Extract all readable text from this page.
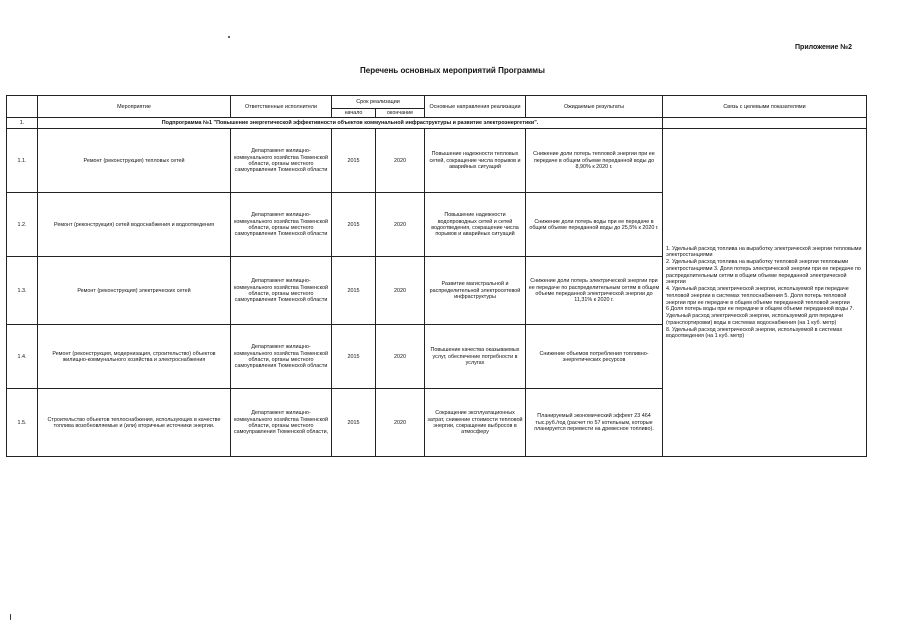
Приложение №2
Перечень основных мероприятий Программы
	Мероприятие	Ответственные исполнители	Срок реализации		Основные направления реализации	Ожидаемые результаты	Связь с целевыми показателями
			начало	окончание			
1.	Подпрограмма №1 "Повышение энергетической эффективности объектов коммунальной инфраструктуры и развитие электроэнергетики".						
1.1.	Ремонт (реконструкция) тепловых сетей	Департамент жилищно-коммунального хозяйства Тюменской области, органы местного самоуправления Тюменской области	2015	2020	Повышение надежности тепловых сетей, сокращение числа порывов и аварийных ситуаций	Снижение доли потерь тепловой энергии при ее передаче в общем объеме переданной воды до 8,90% к 2020 г.	1. Удельный расход топлива на выработку электрической энергии тепловыми электростанциями
2. Удельный расход топлива на выработку тепловой энергии тепловыми электростанциями 3. Доля потерь электрической энергии при ее передаче по распределительным сетям в общем объеме переданной электрической энергии
4. Удельный расход электрической энергии, используемой при передаче тепловой энергии в системах теплоснабжения 5. Доля потерь тепловой энергии при ее передаче в общем объеме переданной тепловой энергии
6 Доля потерь воды при ее передаче в общем объеме переданной воды 7. Удельный расход электрической энергии, используемой для передачи (транспортировки) воды в системах водоснабжения (на 1 куб. метр)
8. Удельный расход электрической энергии, используемой в системах водоотведения (на 1 куб. метр)

1.2.	Ремонт (реконструкция) сетей водоснабжения и водоотведения	Департамент жилищно-коммунального хозяйства Тюменской области, органы местного самоуправления Тюменской области	2015	2020	Повышение надежности водопроводных сетей и сетей водоотведения, сокращение числа порывов и аварийных ситуаций	Снижение доли потерь воды при ее передаче в общем объеме переданной воды до 25,5% к 2020 г.	
1.3.	Ремонт (реконструкция) электрических сетей	Департамент жилищно-коммунального хозяйства Тюменской области, органы местного самоуправления Тюменской области	2015	2020	Развитие магистральной и распределительной электросетевой инфраструктуры	Снижение доли потерь электрической энергии при ее передаче по распределительным сетям в общем объеме переданной электрической энергии до 11,31% к 2020 г.	
1.4.	Ремонт (реконструкция, модернизация, строительство) объектов жилищно-коммунального хозяйства и электроснабжения	Департамент жилищно-коммунального хозяйства Тюменской области, органы местного самоуправления Тюменской области	2015	2020	Повышение качества оказываемых услуг, обеспечение потребности в услугах	Снижение объемов потребления топливно-энергетических ресурсов	
1.5.	Строительство объектов теплоснабжения, использующих в качестве топлива возобновляемые и (или) вторичные источники энергии.	Департамент жилищно-коммунального хозяйства Тюменской области, органы местного самоуправления Тюменской области,	2015	2020	Сокращение эксплуатационных затрат, снижение стоимости тепловой энергии, сокращение выбросов в атмосферу	Планируемый экономический эффект 23 464 тыс.руб./год (расчет по 57 котельным, которые планируется перевести на древесное топливо).	
